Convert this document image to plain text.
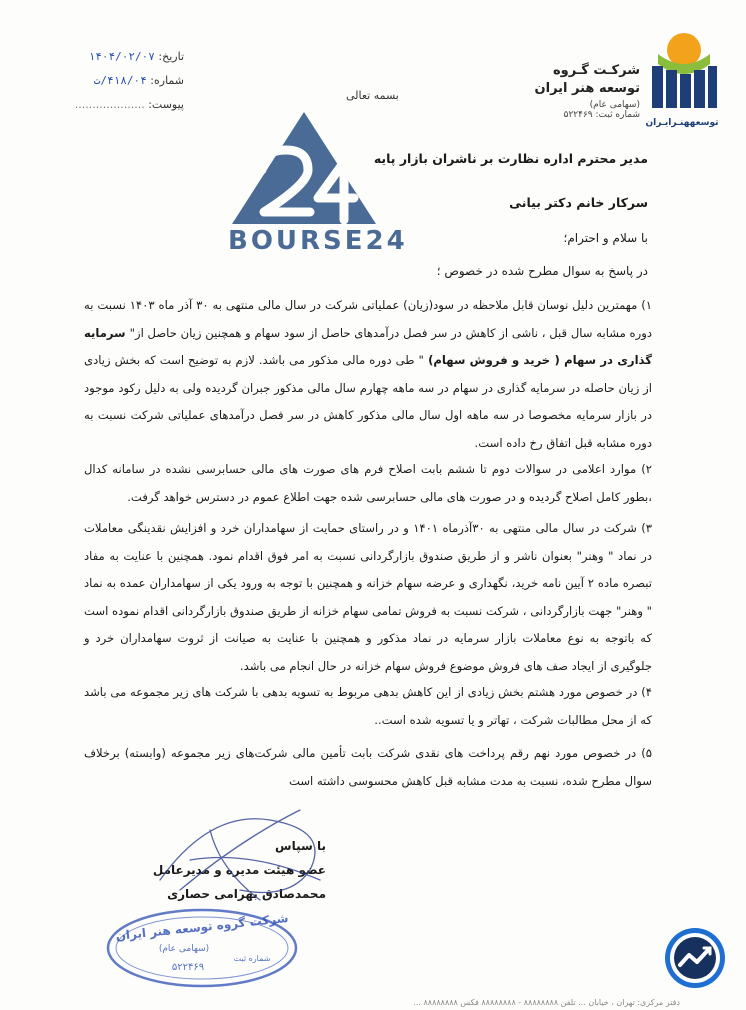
تاریخ: ۱۴۰۴/۰۲/۰۷
شماره: ۴۱۸/۰۴/ت
پیوست: ....................
بسمه تعالی
شرکـت گـروه
توسعه هنر ایران
(سهامی عام)
شماره ثبت: ۵۲۲۴۶۹
توسعههنـرایـران
BOURSE24
مدیر محترم اداره نظارت بر ناشران بازار پایه
سرکار خانم دکتر بیانی
با سلام و احترام؛
در پاسخ به سوال مطرح شده در خصوص ؛
۱) مهمترین دلیل نوسان قابل ملاحظه در سود(زیان) عملیاتی شرکت در سال مالی منتهی به ۳۰ آذر ماه ۱۴۰۳ نسبت به دوره مشابه سال قبل ، ناشی از کاهش در سر فصل درآمدهای حاصل از سود سهام و همچنین زیان حاصل از" سرمایه گذاری در سهام ( خرید و فروش سهام) " طی دوره مالی مذکور می باشد. لازم به توضیح است که بخش زیادی از زیان حاصله در سرمایه گذاری در سهام در سه ماهه چهارم سال مالی مذکور جبران گردیده ولی به دلیل رکود موجود در بازار سرمایه مخصوصا در سه ماهه اول سال مالی مذکور کاهش در سر فصل درآمدهای عملیاتی شرکت نسبت به دوره مشابه قبل اتفاق رخ داده است.
۲) موارد اعلامی در سوالات دوم تا ششم بابت اصلاح فرم های صورت های مالی حسابرسی نشده در سامانه کدال ،بطور کامل اصلاح گردیده و در صورت های مالی حسابرسی شده جهت اطلاع عموم در دسترس خواهد گرفت.
۳) شرکت در سال مالی منتهی به ۳۰آذرماه ۱۴۰۱ و در راستای حمایت از سهامداران خرد و افزایش نقدینگی معاملات در نماد " وهنر" بعنوان ناشر و از طریق صندوق بازارگردانی نسبت به امر فوق اقدام نمود. همچنین با عنایت به مفاد تبصره ماده ۲ آیین نامه خرید، نگهداری و عرضه سهام خزانه و همچنین با توجه به ورود یکی از سهامداران عمده به نماد " وهنر" جهت بازارگردانی ، شرکت نسبت به فروش تمامی سهام خزانه از طریق صندوق بازارگردانی اقدام نموده است که باتوجه به نوع معاملات بازار سرمایه در نماد مذکور و همچنین با عنایت به صیانت از ثروت سهامداران خرد و جلوگیری از ایجاد صف های فروش موضوع فروش سهام خزانه در حال انجام می باشد.
۴) در خصوص مورد هشتم بخش زیادی از این کاهش بدهی مربوط به تسویه بدهی با شرکت های زیر مجموعه می باشد که از محل مطالبات شرکت ، تهاتر و یا تسویه شده است..
۵) در خصوص مورد نهم رقم پرداخت های نقدی شرکت بابت تأمین مالی شرکت‌های زیر مجموعه (وابسته) برخلاف سوال مطرح شده، نسبت به مدت مشابه قبل کاهش محسوسی داشته است
با سپاس
عضو هیئت مدیره و مدیرعامل
محمدصادق بهرامی حصاری
شرکت گروه توسعه هنر ایران
(سهامی عام)
شماره ثبت
۵۲۲۴۶۹
دفتر مرکزی: تهران ، خیابان ... تلفن ۸۸۸۸۸۸۸۸ - ۸۸۸۸۸۸۸۸ فکس ۸۸۸۸۸۸۸۸ ...
